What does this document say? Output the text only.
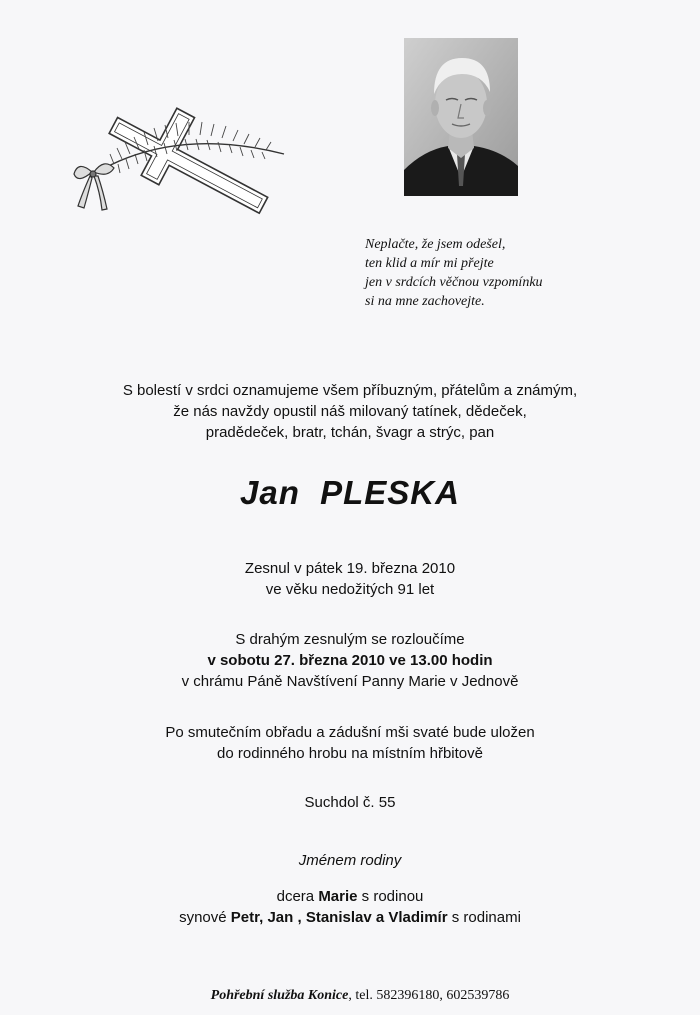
Neplačte, že jsem odešel,
ten klid a mír mi přejte
jen v srdcích věčnou vzpomínku
si na mne zachovejte.
S bolestí v srdci oznamujeme všem příbuzným, přátelům a známým,
že nás navždy opustil náš milovaný tatínek, dědeček,
pradědeček, bratr, tchán, švagr a strýc, pan
Jan PLESKA
Zesnul v pátek 19. března 2010
ve věku nedožitých 91 let
S drahým zesnulým se rozloučíme
v sobotu 27. března 2010 ve 13.00 hodin
v chrámu Páně Navštívení Panny Marie v Jednově
Po smutečním obřadu a zádušní mši svaté bude uložen
do rodinného hrobu na místním hřbitově
Suchdol č. 55
Jménem rodiny
dcera Marie s rodinou
synové Petr, Jan , Stanislav a Vladimír s rodinami
Pohřební služba Konice, tel. 582396180, 602539786
